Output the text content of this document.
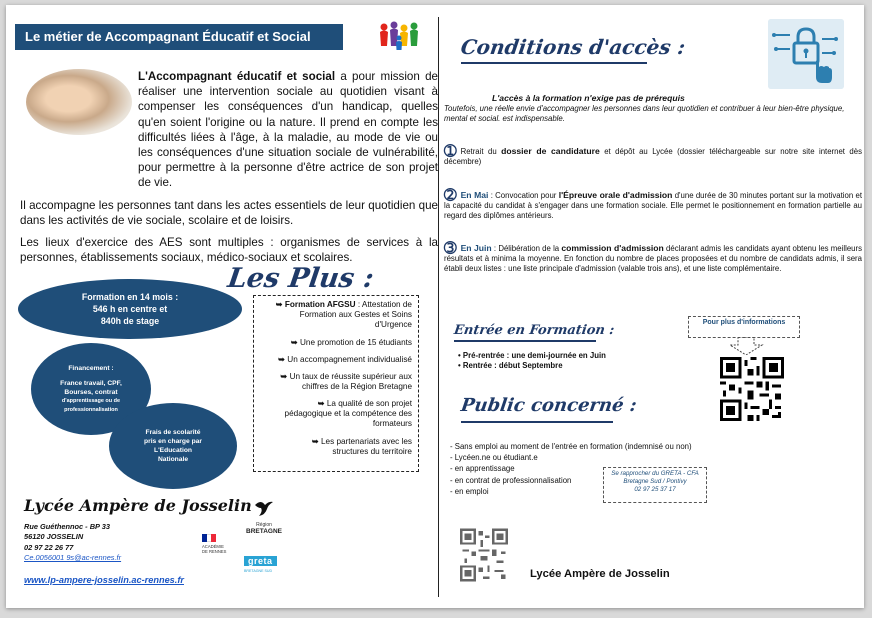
Le métier de Accompagnant Éducatif et Social

L'Accompagnant éducatif et social a pour mission de réaliser une intervention sociale au quotidien visant à compenser les conséquences d'un handicap, quelles qu'en soient l'origine ou la nature. Il prend en compte les difficultés liées à l'âge, à la maladie, au mode de vie ou les conséquences d'une situation sociale de vulnérabilité, pour permettre à la personne d'être actrice de son projet de vie.

Il accompagne les personnes tant dans les actes essentiels de leur quotidien que dans les activités de vie sociale, scolaire et de loisirs.

Les lieux d'exercice des AES sont multiples : organismes de services à la personnes, établissements sociaux, médico-sociaux et scolaires.

Formation en 14 mois :
546 h en centre et
840h de stage
Financement :
France travail, CPF,
Bourses, contrat
d'apprentissage ou de
professionnalisation
Frais de scolarité
pris en charge par
L'Education
Nationale
Les Plus :
➥ Formation AFGSU : Attestation de Formation aux Gestes et Soins d'Urgence
➥ Une promotion de 15 étudiants
➥ Un accompagnement individualisé
➥ Un taux de réussite supérieur aux chiffres de la Région Bretagne
➥ La qualité de son projet pédagogique et la compétence des formateurs
➥ Les partenariats avec les structures du territoire
Lycée Ampère de Josselin
Rue Guéthennoc - BP 33
56120 JOSSELIN
02 97 22 26 77
Ce.0056001 9s@ac-rennes.fr
www.lp-ampere-josselin.ac-rennes.fr
ACADÉMIE
DE RENNES
Région
BRETAGNE
greta
BRETAGNE SUD
Conditions d'accès :
L'accès à la formation n'exige pas de prérequis
Toutefois, une réelle envie d'accompagner les personnes dans leur quotidien et contribuer à leur bien-être physique, mental et social. est indispensable.
➀ Retrait du dossier de candidature et dépôt au Lycée (dossier téléchargeable sur notre site internet dès décembre)
➁ En Mai : Convocation pour l'Épreuve orale d'admission d'une durée de 30 minutes portant sur la motivation et la capacité du candidat à s'engager dans une formation sociale. Elle permet le positionnement en formation partielle au regard des diplômes antérieurs.
➂ En Juin : Délibération de la commission d'admission déclarant admis les candidats ayant obtenu les meilleurs résultats et à minima la moyenne. En fonction du nombre de places proposées et du nombre de candidats admis, il sera établi deux listes : une liste principale d'admission (valable trois ans), et une liste complémentaire.
Entrée en Formation :
• Pré-rentrée : une demi-journée en Juin
• Rentrée : début Septembre
Pour plus d'informations
Public concerné :
- Sans emploi au moment de l'entrée en formation (indemnisé ou non)
- Lycéen.ne ou étudiant.e
- en apprentissage
- en contrat de professionnalisation
- en emploi
Se rapprocher du GRETA - CFA
Bretagne Sud / Pontivy
02 97 25 37 17
Lycée Ampère de Josselin
